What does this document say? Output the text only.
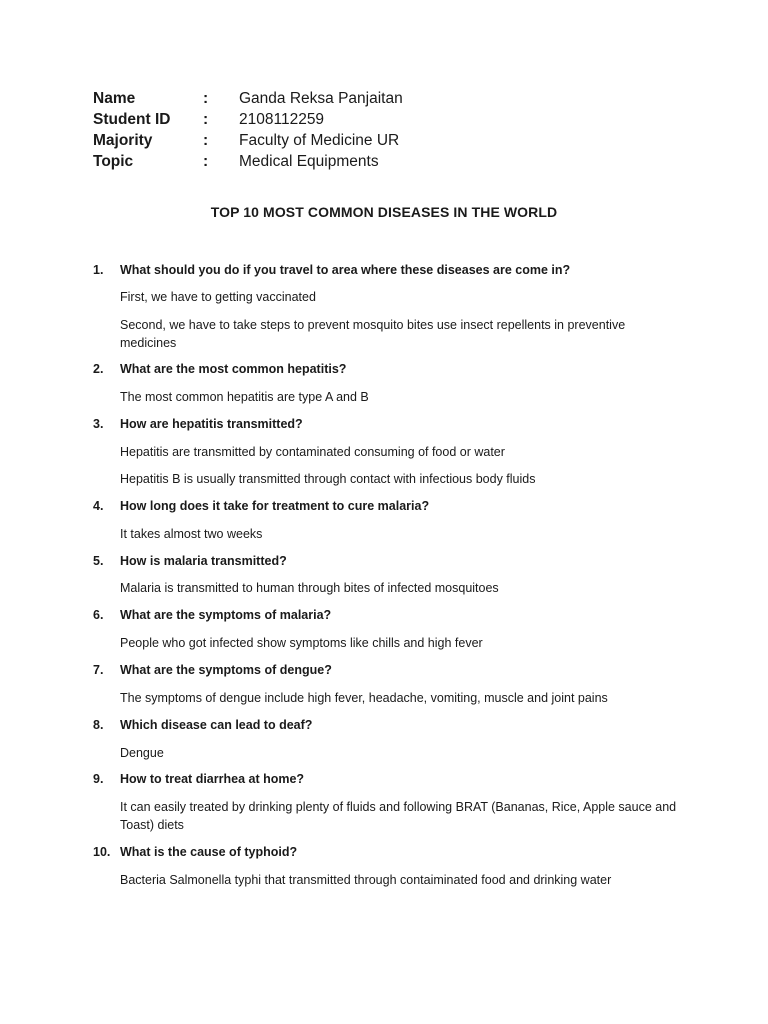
Name	:	Ganda Reksa Panjaitan
Student ID	:	2108112259
Majority	:	Faculty of Medicine UR
Topic	:	Medical Equipments
TOP 10 MOST COMMON DISEASES IN THE WORLD
1.	What should you do if you travel to area where these diseases are come in?
First, we have to getting vaccinated
Second, we have to take steps to prevent mosquito bites use insect repellents in preventive medicines
2.	What are the most common hepatitis?
The most common hepatitis are type A and B
3.	How are hepatitis transmitted?
Hepatitis are transmitted by contaminated consuming of food or water
Hepatitis B is usually transmitted through contact with infectious body fluids
4.	How long does it take for treatment to cure malaria?
It takes almost two weeks
5.	How is malaria transmitted?
Malaria is transmitted to human through bites of infected mosquitoes
6.	What are the symptoms of malaria?
People who got infected show symptoms like chills and high fever
7.	What are the symptoms of dengue?
The symptoms of dengue include high fever, headache, vomiting, muscle and joint pains
8.	Which disease can lead to deaf?
Dengue
9.	How to treat diarrhea at home?
It can easily treated by drinking plenty of fluids and following BRAT (Bananas, Rice, Apple sauce and Toast) diets
10. What is the cause of typhoid?
Bacteria Salmonella typhi that transmitted through contaiminated food and drinking water
